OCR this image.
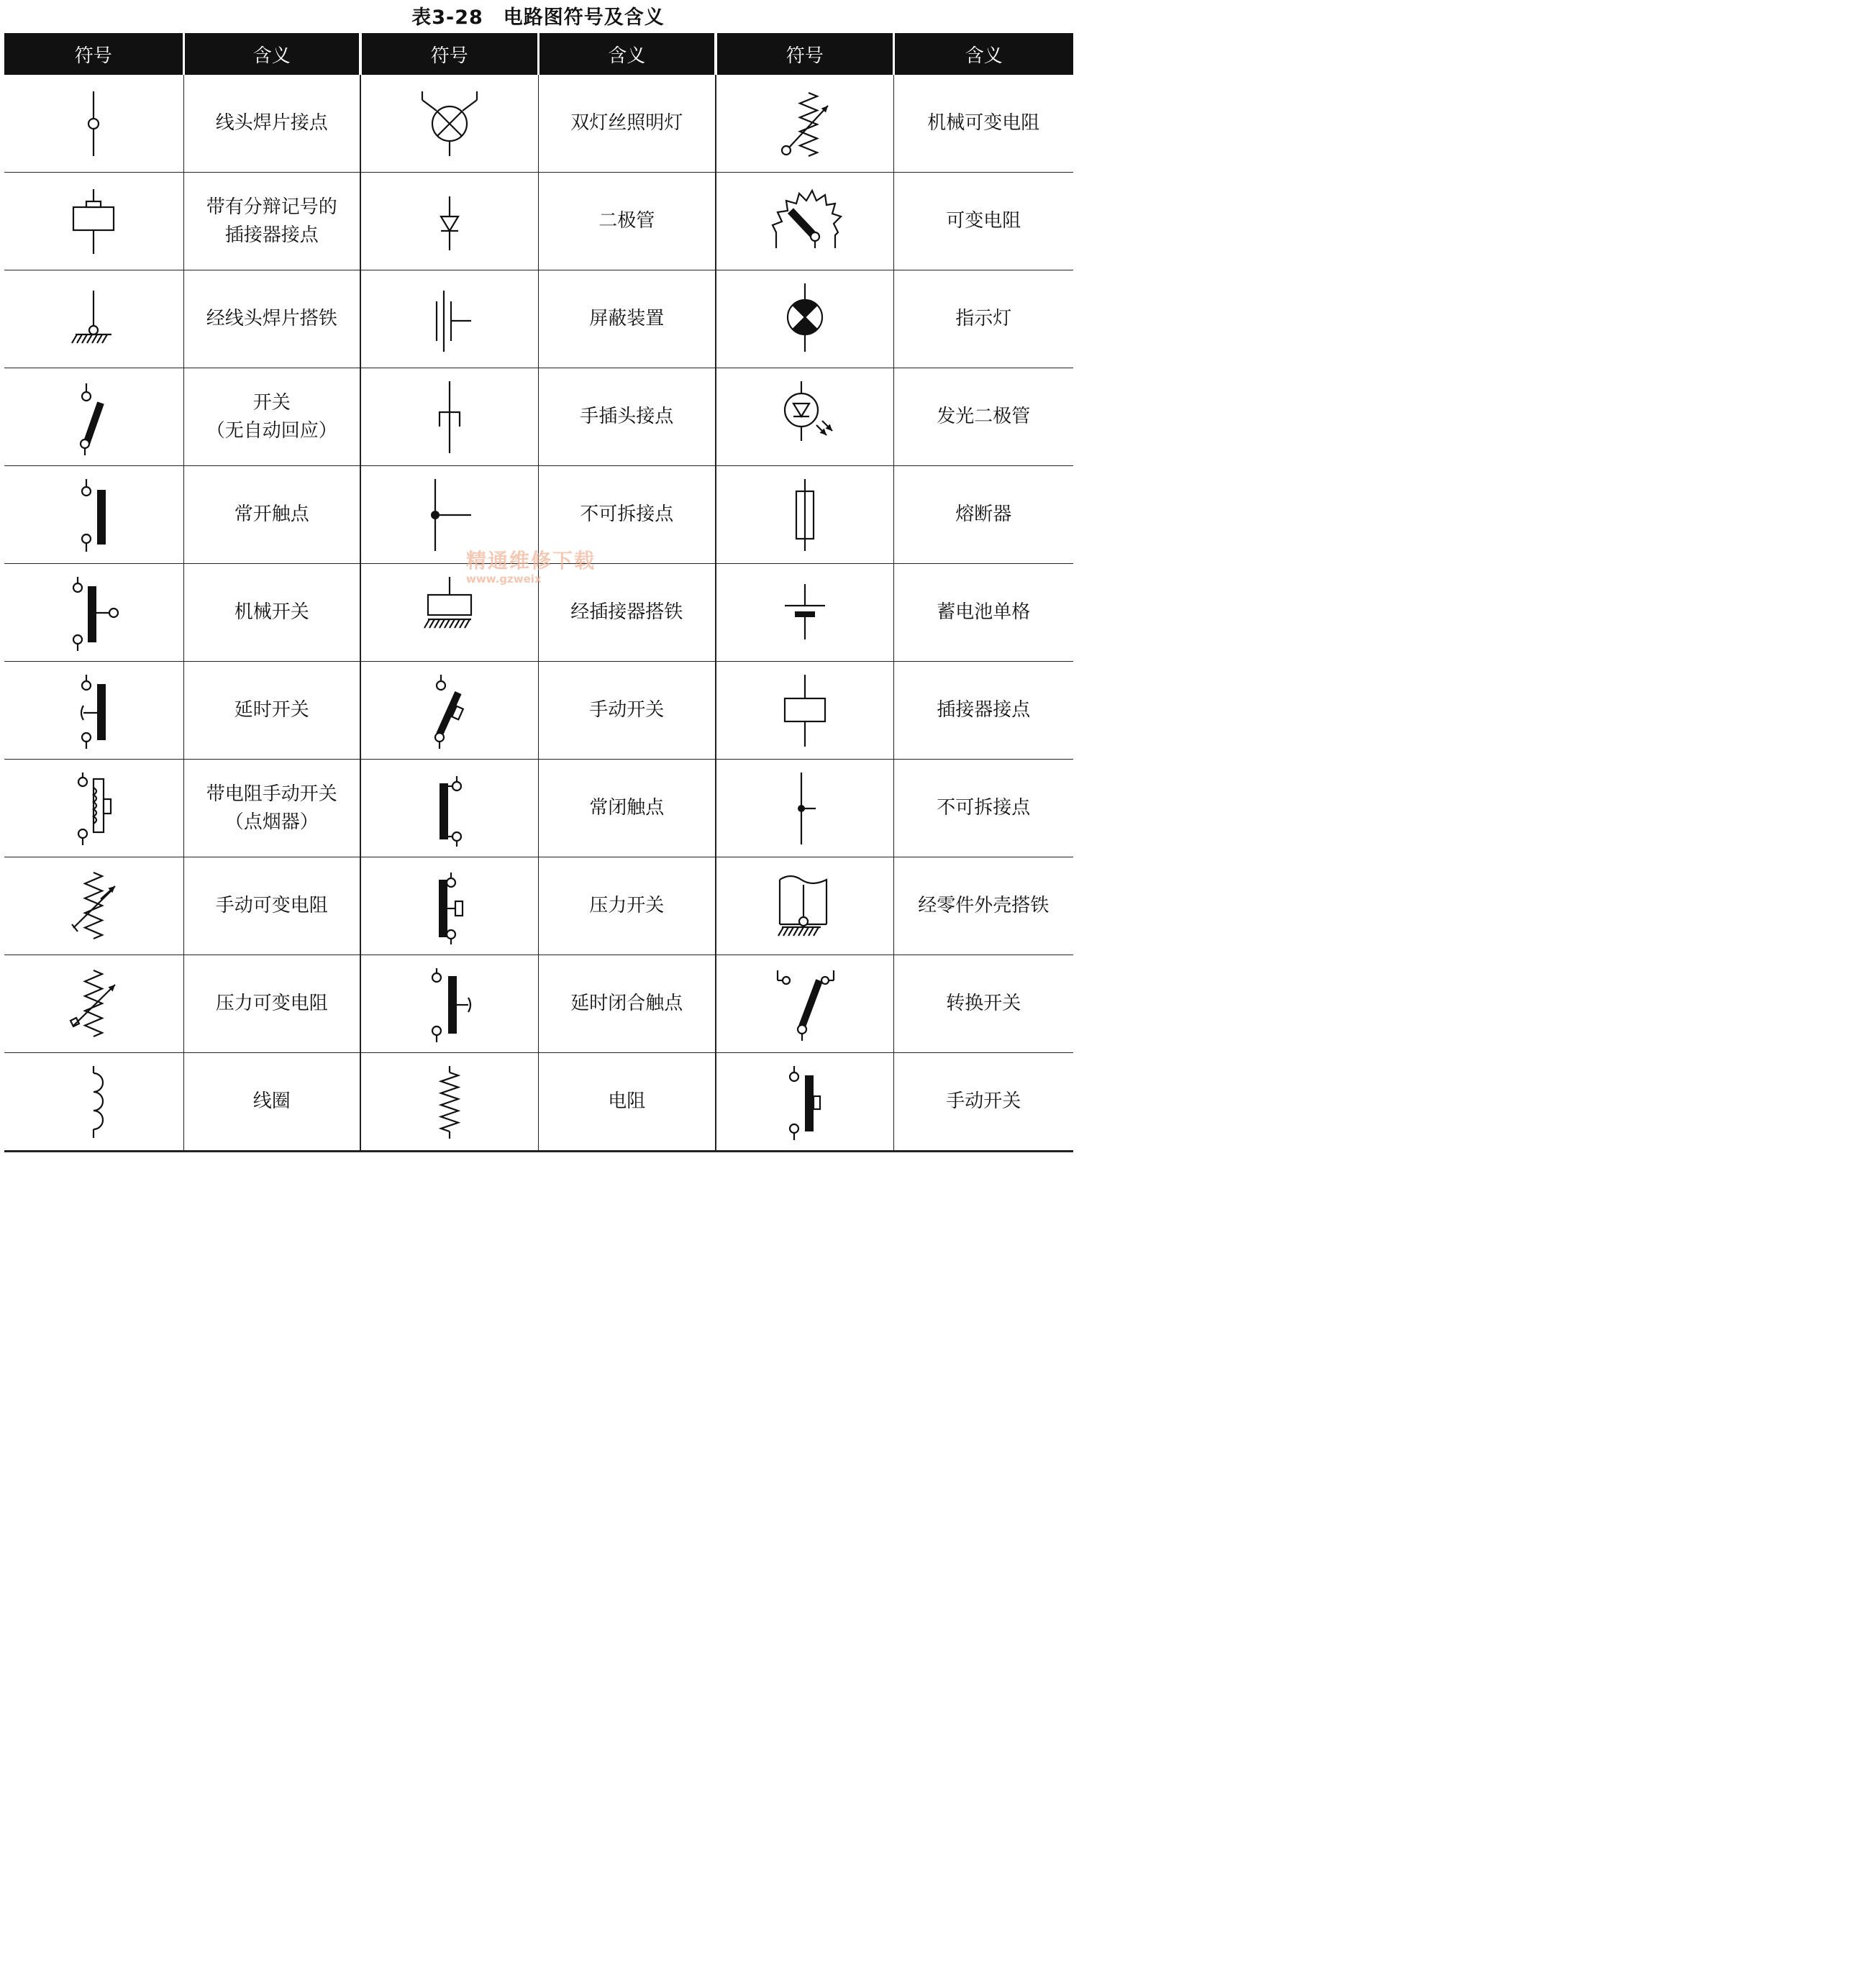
表3-28　电路图符号及含义
符号	含义	符号	含义	符号	含义

	线头焊片接点		双灯丝照明灯		机械可变电阻

	带有分辩记号的
插接器接点		二极管		可变电阻

	经线头焊片搭铁		屏蔽装置		指示灯

	开关
（无自动回应）		手插头接点		发光二极管

	常开触点		不可拆接点		熔断器

	机械开关		经插接器搭铁		蓄电池单格

	延时开关		手动开关		插接器接点

	带电阻手动开关
（点烟器）		常闭触点		不可拆接点

	手动可变电阻		压力开关		经零件外壳搭铁

	压力可变电阻		延时闭合触点		转换开关

	线圈		电阻		手动开关
精通维修下载
www.gzweix
